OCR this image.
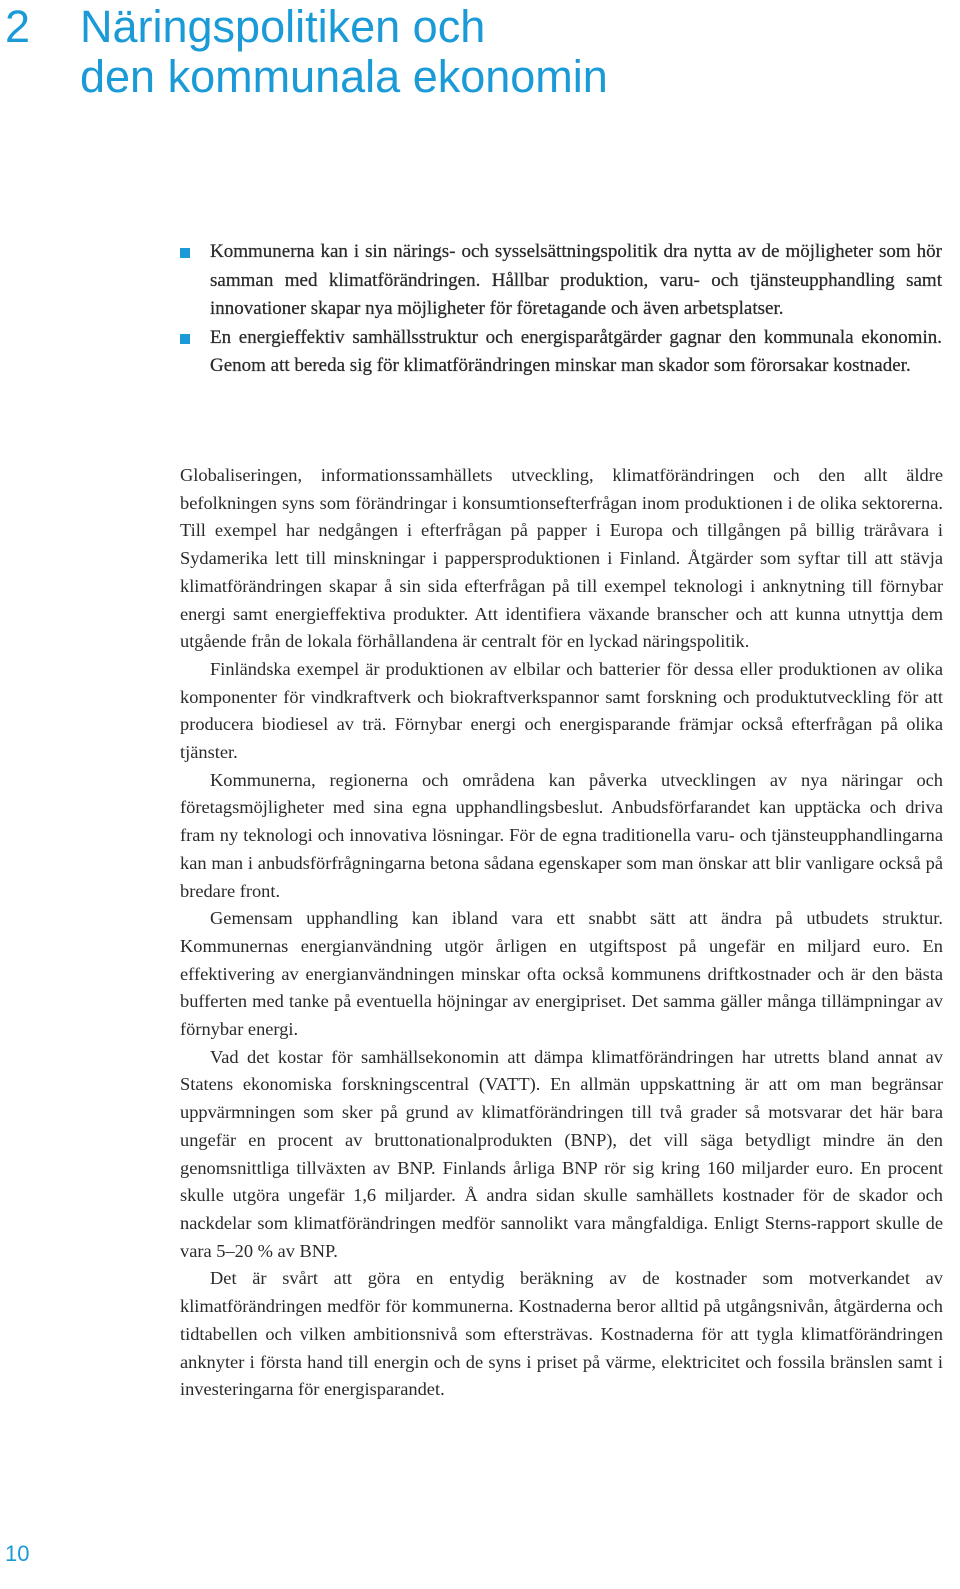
2 Näringspolitiken och
den kommunala ekonomin
Kommunerna kan i sin närings- och sysselsättningspolitik dra nytta av de möjligheter som hör samman med klimatförändringen. Hållbar produktion, varu- och tjänsteupphandling samt innovationer skapar nya möjligheter för företagande och även arbetsplatser.
En energieffektiv samhällsstruktur och energisparåtgärder gagnar den kommunala ekonomin. Genom att bereda sig för klimatförändringen minskar man skador som förorsakar kostnader.

Globaliseringen, informationssamhällets utveckling, klimatförändringen och den allt äldre befolkningen syns som förändringar i konsumtionsefterfrågan inom produktionen i de olika sektorerna. Till exempel har nedgången i efterfrågan på papper i Europa och tillgången på billig träråvara i Sydamerika lett till minskningar i pappersproduktionen i Finland. Åtgärder som syftar till att stävja klimatförändringen skapar å sin sida efterfrågan på till exempel teknologi i anknytning till förnybar energi samt energieffektiva produkter. Att identifiera växande branscher och att kunna utnyttja dem utgående från de lokala förhållandena är centralt för en lyckad näringspolitik.

Finländska exempel är produktionen av elbilar och batterier för dessa eller produktionen av olika komponenter för vindkraftverk och biokraftverkspannor samt forskning och produktutveckling för att producera biodiesel av trä. Förnybar energi och energisparande främjar också efterfrågan på olika tjänster.

Kommunerna, regionerna och områdena kan påverka utvecklingen av nya näringar och företagsmöjligheter med sina egna upphandlingsbeslut. Anbudsförfarandet kan upptäcka och driva fram ny teknologi och innovativa lösningar. För de egna traditionella varu- och tjänsteupphandlingarna kan man i anbudsförfrågningarna betona sådana egenskaper som man önskar att blir vanligare också på bredare front.

Gemensam upphandling kan ibland vara ett snabbt sätt att ändra på utbudets struktur. Kommunernas energianvändning utgör årligen en utgiftspost på ungefär en miljard euro. En effektivering av energianvändningen minskar ofta också kommunens driftkostnader och är den bästa bufferten med tanke på eventuella höjningar av energipriset. Det samma gäller många tillämpningar av förnybar energi.

Vad det kostar för samhällsekonomin att dämpa klimatförändringen har utretts bland annat av Statens ekonomiska forskningscentral (VATT). En allmän uppskattning är att om man begränsar uppvärmningen som sker på grund av klimatförändringen till två grader så motsvarar det här bara ungefär en procent av bruttonationalprodukten (BNP), det vill säga betydligt mindre än den genomsnittliga tillväxten av BNP. Finlands årliga BNP rör sig kring 160 miljarder euro. En procent skulle utgöra ungefär 1,6 miljarder. Å andra sidan skulle samhällets kostnader för de skador och nackdelar som klimatförändringen medför sannolikt vara mångfaldiga. Enligt Sterns-rapport skulle de vara 5–20 % av BNP.

Det är svårt att göra en entydig beräkning av de kostnader som motverkandet av klimatförändringen medför för kommunerna. Kostnaderna beror alltid på utgångsnivån, åtgärderna och tidtabellen och vilken ambitionsnivå som eftersträvas. Kostnaderna för att tygla klimatförändringen anknyter i första hand till energin och de syns i priset på värme, elektricitet och fossila bränslen samt i investeringarna för energisparandet.

10
